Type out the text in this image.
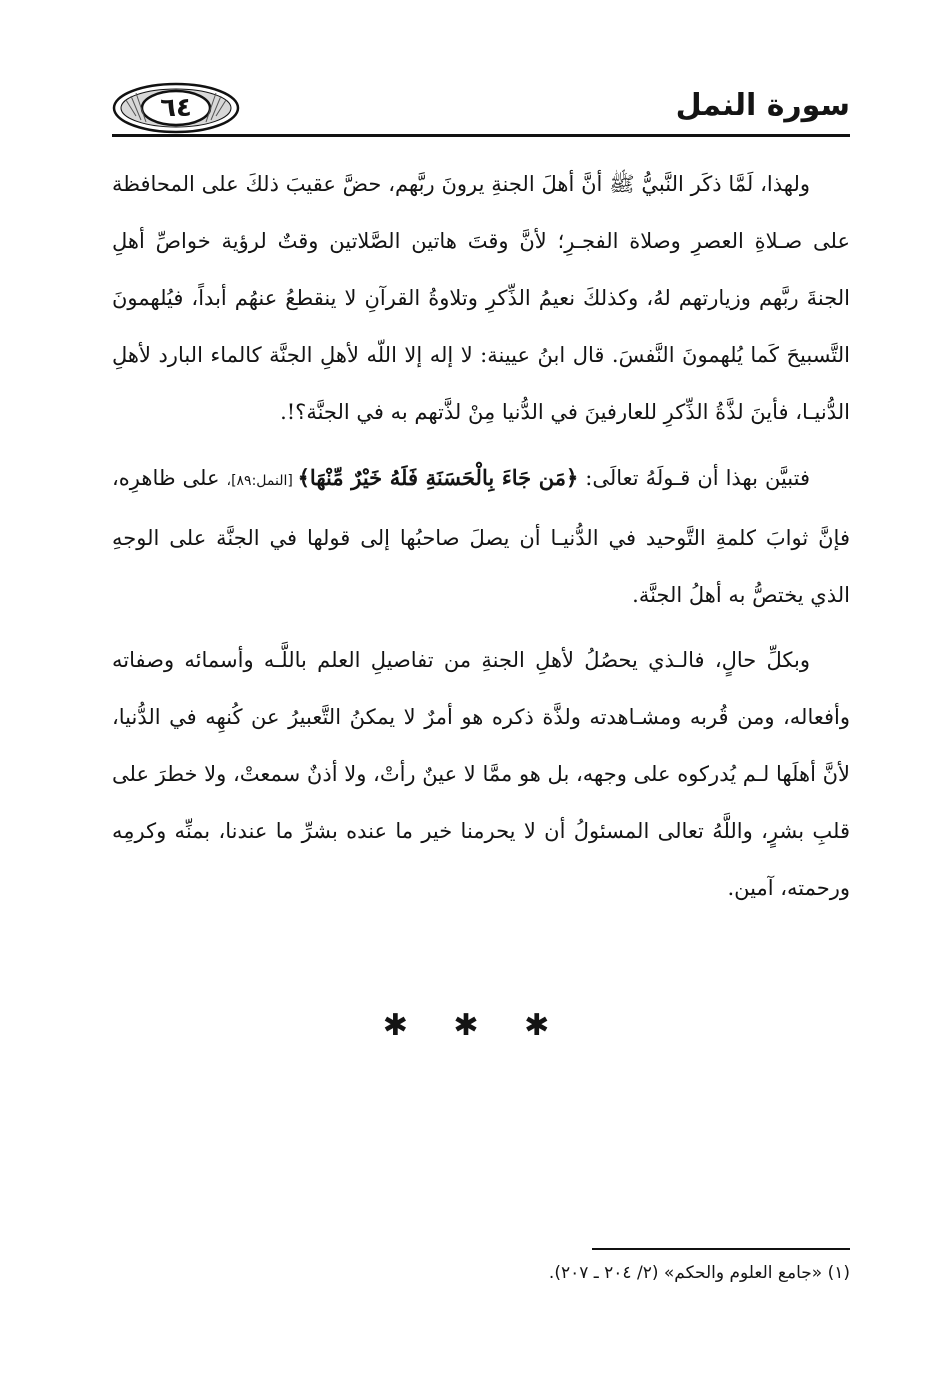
٦٤	سورة النمل

ولهذا، لَمَّا ذكَر النَّبيُّ ﷺ أنَّ أهلَ الجنةِ يرونَ ربَّهم، حضَّ عقيبَ ذلكَ على المحافظة على صـلاةِ العصرِ وصلاة الفجـرِ؛ لأنَّ وقتَ هاتين الصَّلاتين وقتٌ لرؤية خواصِّ أهلِ الجنةَ ربَّهم وزيارتهم لهُ، وكذلكَ نعيمُ الذِّكرِ وتلاوةُ القرآنِ لا ينقطعُ عنهُم أبداً، فيُلهمونَ التَّسبيحَ كَما يُلهمونَ النَّفسَ. قال ابنُ عيينة: لا إله إلا اللّه لأهلِ الجنَّة كالماء البارد لأهلِ الدُّنيـا، فأينَ لذَّةُ الذِّكرِ للعارفينَ في الدُّنيا مِنْ لذَّتهم به في الجنَّة؟!.

فتبيَّن بهذا أن قـولَهُ تعالَى: ﴿مَن جَاءَ بِالْحَسَنَةِ فَلَهُ خَيْرٌ مِّنْهَا﴾ [النمل:٨٩]، على ظاهرِه، فإنَّ ثوابَ كلمةِ التَّوحيد في الدُّنيـا أن يصلَ صاحبُها إلى قولها في الجنَّة على الوجهِ الذي يختصُّ به أهلُ الجنَّة.

وبكلِّ حالٍ، فالـذي يحصُلُ لأهلِ الجنةِ من تفاصيلِ العلم باللَّـه وأسمائه وصفاته وأفعاله، ومن قُربه ومشـاهدته ولذَّة ذكره هو أمرٌ لا يمكنُ التَّعبيرُ عن كُنهِه في الدُّنيا، لأنَّ أهلَها لـم يُدركوه على وجهه، بل هو ممَّا لا عينٌ رأتْ، ولا أذنٌ سمعتْ، ولا خطرَ على قلبِ بشرٍ، واللَّهُ تعالى المسئولُ أن لا يحرمنا خير ما عنده بشرِّ ما عندنا، بمنِّه وكرمِه ورحمته، آمين.

✱ ✱ ✱
(١) «جامع العلوم والحكم» (٢/ ٢٠٤ ـ ٢٠٧).
